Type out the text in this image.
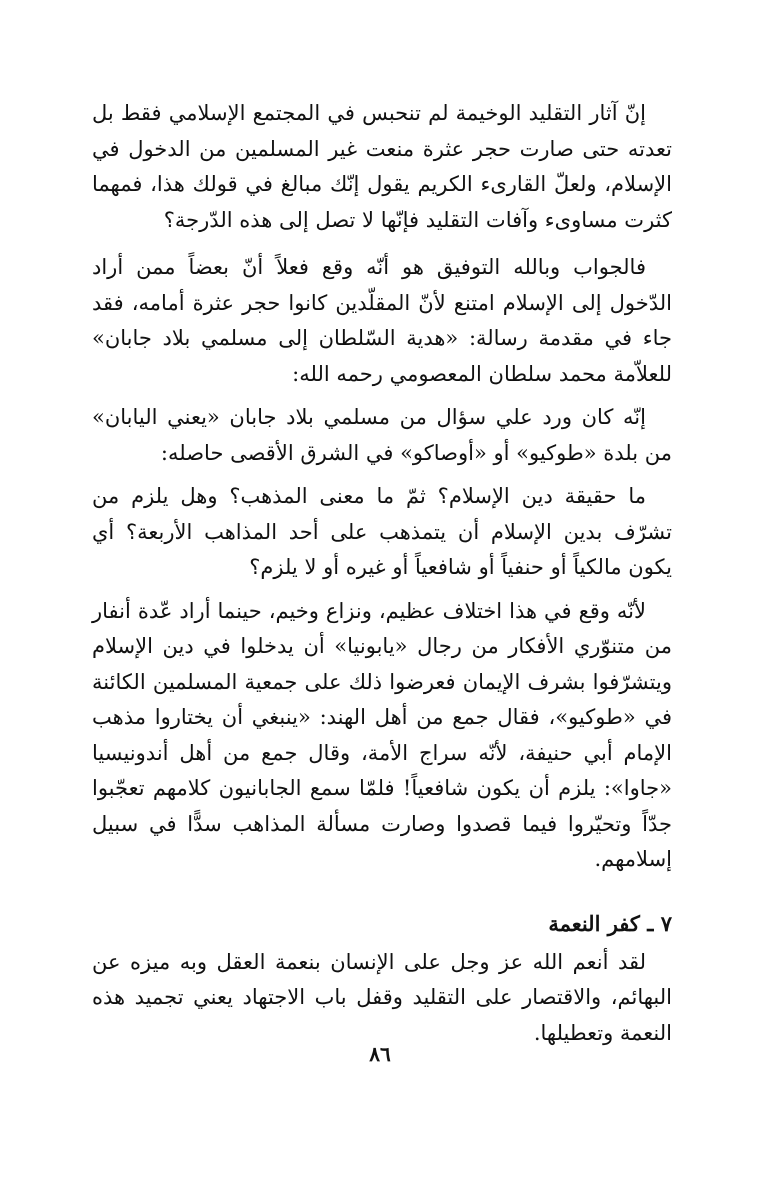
إنّ آثار التقليد الوخيمة لم تنحبس في المجتمع الإسلامي فقط بل تعدته حتى صارت حجر عثرة منعت غير المسلمين من الدخول في الإسلام، ولعلّ القارىء الكريم يقول إنّك مبالغ في قولك هذا، فمهما كثرت مساوىء وآفات التقليد فإنّها لا تصل إلى هذه الدّرجة؟

فالجواب وبالله التوفيق هو أنّه وقع فعلاً أنّ بعضاً ممن أراد الدّخول إلى الإسلام امتنع لأنّ المقلّدين كانوا حجر عثرة أمامه، فقد جاء في مقدمة رسالة: «هدية السّلطان إلى مسلمي بلاد جابان» للعلاّمة محمد سلطان المعصومي رحمه الله:

إنّه كان ورد علي سؤال من مسلمي بلاد جابان «يعني اليابان» من بلدة «طوكيو» أو «أوصاكو» في الشرق الأقصى حاصله:

ما حقيقة دين الإسلام؟ ثمّ ما معنى المذهب؟ وهل يلزم من تشرّف بدين الإسلام أن يتمذهب على أحد المذاهب الأربعة؟ أي يكون مالكياً أو حنفياً أو شافعياً أو غيره أو لا يلزم؟

لأنّه وقع في هذا اختلاف عظيم، ونزاع وخيم، حينما أراد عّدة أنفار من متنوّري الأفكار من رجال «يابونيا» أن يدخلوا في دين الإسلام ويتشرّفوا بشرف الإيمان فعرضوا ذلك على جمعية المسلمين الكائنة في «طوكيو»، فقال جمع من أهل الهند: «ينبغي أن يختاروا مذهب الإمام أبي حنيفة، لأنّه سراج الأمة، وقال جمع من أهل أندونيسيا «جاوا»: يلزم أن يكون شافعياً! فلمّا سمع الجابانيون كلامهم تعجّبوا جدّاً وتحيّروا فيما قصدوا وصارت مسألة المذاهب سدًّا في سبيل إسلامهم.

٧ ـ كفر النعمة

لقد أنعم الله عز وجل على الإنسان بنعمة العقل وبه ميزه عن البهائم، والاقتصار على التقليد وقفل باب الاجتهاد يعني تجميد هذه النعمة وتعطيلها.

٨٦
